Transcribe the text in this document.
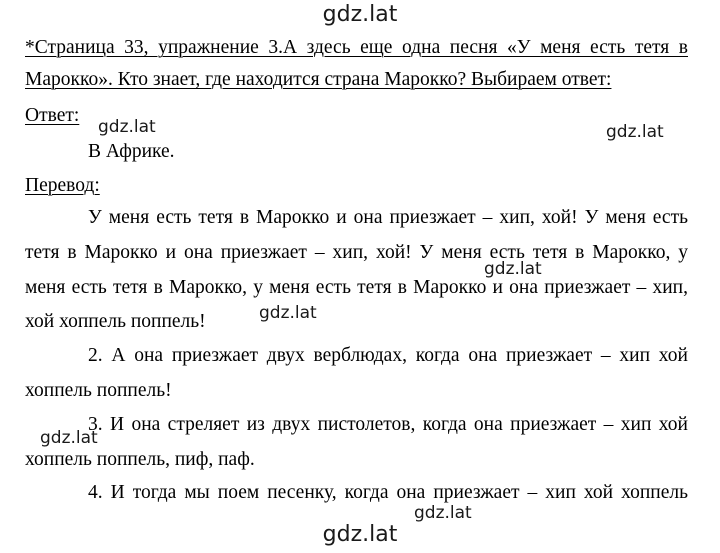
gdz.lat
*Страница 33, упражнение 3.А здесь еще одна песня «У меня есть тетя в
Марокко». Кто знает, где находится страна Марокко? Выбираем ответ:
Ответ:
gdz.lat	gdz.lat
В Африке.
Перевод:
У меня есть тетя в Марокко и она приезжает – хип, хой! У меня есть
тетя в Марокко и она приезжает – хип, хой! У меня есть тетя в Марокко, у
gdz.lat
меня есть тетя в Марокко, у меня есть тетя в Марокко и она приезжает – хип,
хой хоппель поппель!	gdz.lat
2. А она приезжает двух верблюдах, когда она приезжает – хип хой
хоппель поппель!
3. И она стреляет из двух пистолетов, когда она приезжает – хип хой
gdz.lat
хоппель поппель, пиф, паф.
4. И тогда мы поем песенку, когда она приезжает – хип хой хоппель
gdz.lat
gdz.lat
